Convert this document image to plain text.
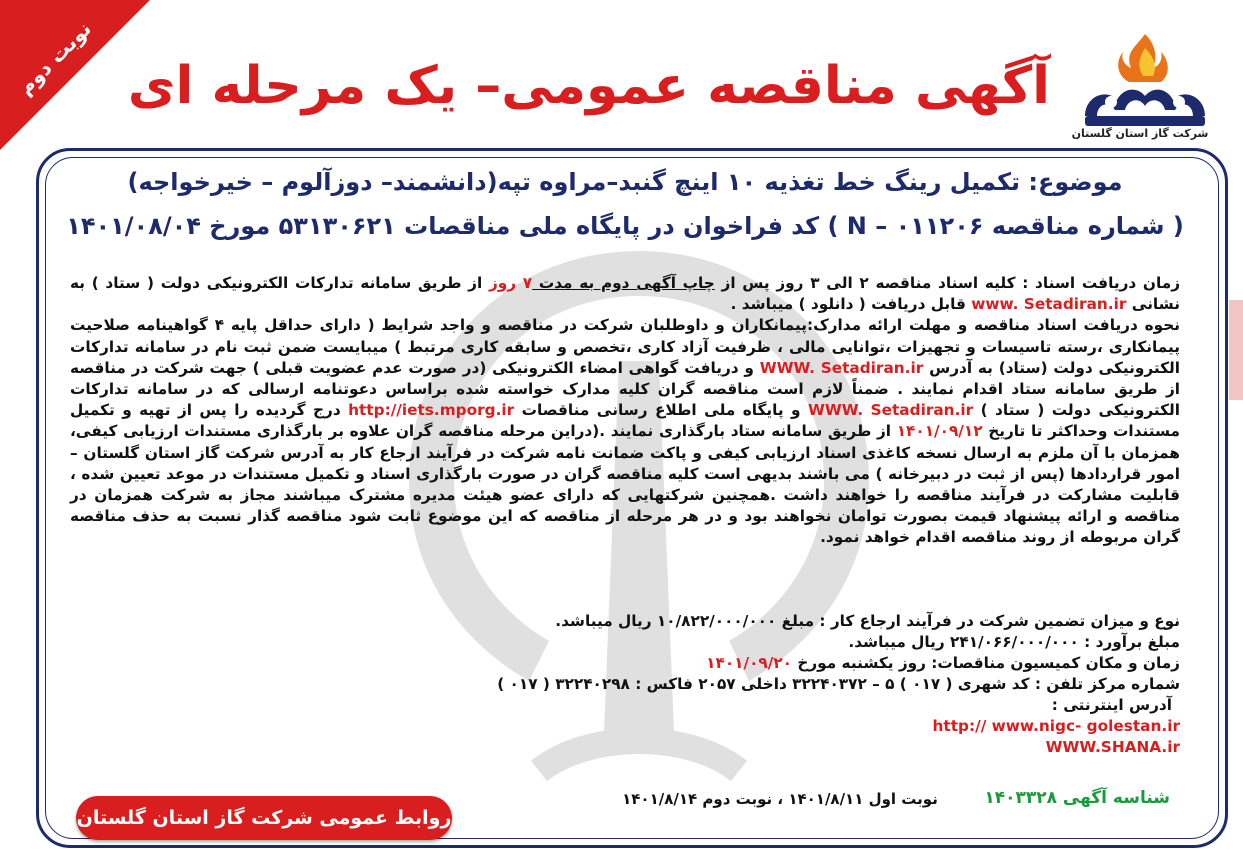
نوبت دوم آگهی مناقصه عمومی– یک مرحله ای
شرکت گاز استان گلستان
موضوع: تکمیل رینگ خط تغذیه ۱۰ اینچ گنبد–مراوه تپه(دانشمند– دوزآلوم – خیرخواجه)
( شماره مناقصه N – ۰۱۱۲۰۶ ) کد فراخوان در پایگاه ملی مناقصات ۵۳۱۳۰۶۲۱ مورخ ۱۴۰۱/۰۸/۰۴

زمان دریافت اسناد : کلیه اسناد مناقصه ۲ الی ۳ روز پس از چاپ آگهی دوم به مدت ۷ روز از طریق سامانه تدارکات الکترونیکی دولت ( ستاد ) به نشانی www. Setadiran.ir قابل دریافت ( دانلود ) میباشد .

نحوه دریافت اسناد مناقصه و مهلت ارائه مدارک:پیمانکاران و داوطلبان شرکت در مناقصه و واجد شرایط ( دارای حداقل پایه ۴ گواهینامه صلاحیت پیمانکاری ،رسته تاسیسات و تجهیزات ،توانایی مالی ، ظرفیت آزاد کاری ،تخصص و سابقه کاری مرتبط ) میبایست ضمن ثبت نام در سامانه تدارکات الکترونیکی دولت (ستاد) به آدرس WWW. Setadiran.ir و دریافت گواهی امضاء الکترونیکی (در صورت عدم عضویت قبلی ) جهت شرکت در مناقصه از طریق سامانه ستاد اقدام نمایند . ضمناً لازم است مناقصه گران کلیه مدارک خواسته شده براساس دعوتنامه ارسالی که در سامانه تدارکات الکترونیکی دولت ( ستاد ) WWW. Setadiran.ir و پایگاه ملی اطلاع رسانی مناقصات http://iets.mporg.ir درج گردیده را پس از تهیه و تکمیل مستندات وحداکثر تا تاریخ ۱۴۰۱/۰۹/۱۲ از طریق سامانه ستاد بارگذاری نمایند .(دراین مرحله مناقصه گران علاوه بر بارگذاری مستندات ارزیابی کیفی، همزمان با آن ملزم به ارسال نسخه کاغذی اسناد ارزیابی کیفی و پاکت ضمانت نامه شرکت در فرآیند ارجاع کار به آدرس شرکت گاز استان گلستان – امور قراردادها (پس از ثبت در دبیرخانه ) می باشند بدیهی است کلیه مناقصه گران در صورت بارگذاری اسناد و تکمیل مستندات در موعد تعیین شده ، قابلیت مشارکت در فرآیند مناقصه را خواهند داشت .همچنین شرکتهایی که دارای عضو هیئت مدیره مشترک میباشند مجاز به شرکت همزمان در مناقصه و ارائه پیشنهاد قیمت بصورت توامان نخواهند بود و در هر مرحله از مناقصه که این موضوع ثابت شود مناقصه گذار نسبت به حذف مناقصه گران مربوطه از روند مناقصه اقدام خواهد نمود.

نوع و میزان تضمین شرکت در فرآیند ارجاع کار : مبلغ ۱۰/۸۲۲/۰۰۰/۰۰۰ ریال میباشد.
مبلغ برآورد : ۲۴۱/۰۶۶/۰۰۰/۰۰۰ ریال میباشد.
زمان و مکان کمیسیون مناقصات: روز یکشنبه مورخ ۱۴۰۱/۰۹/۲۰
شماره مرکز تلفن : کد شهری ( ۰۱۷ ) ۵ – ۳۲۲۴۰۳۷۲ داخلی ۲۰۵۷ فاکس : ۳۲۲۴۰۲۹۸ ( ۰۱۷ )
آدرس اینترنتی :
http:// www.nigc- golestan.ir
WWW.SHANA.ir
شناسه آگهی ۱۴۰۳۳۲۸
نوبت اول ۱۴۰۱/۸/۱۱ ، نوبت دوم ۱۴۰۱/۸/۱۴
روابط عمومی شرکت گاز استان گلستان
